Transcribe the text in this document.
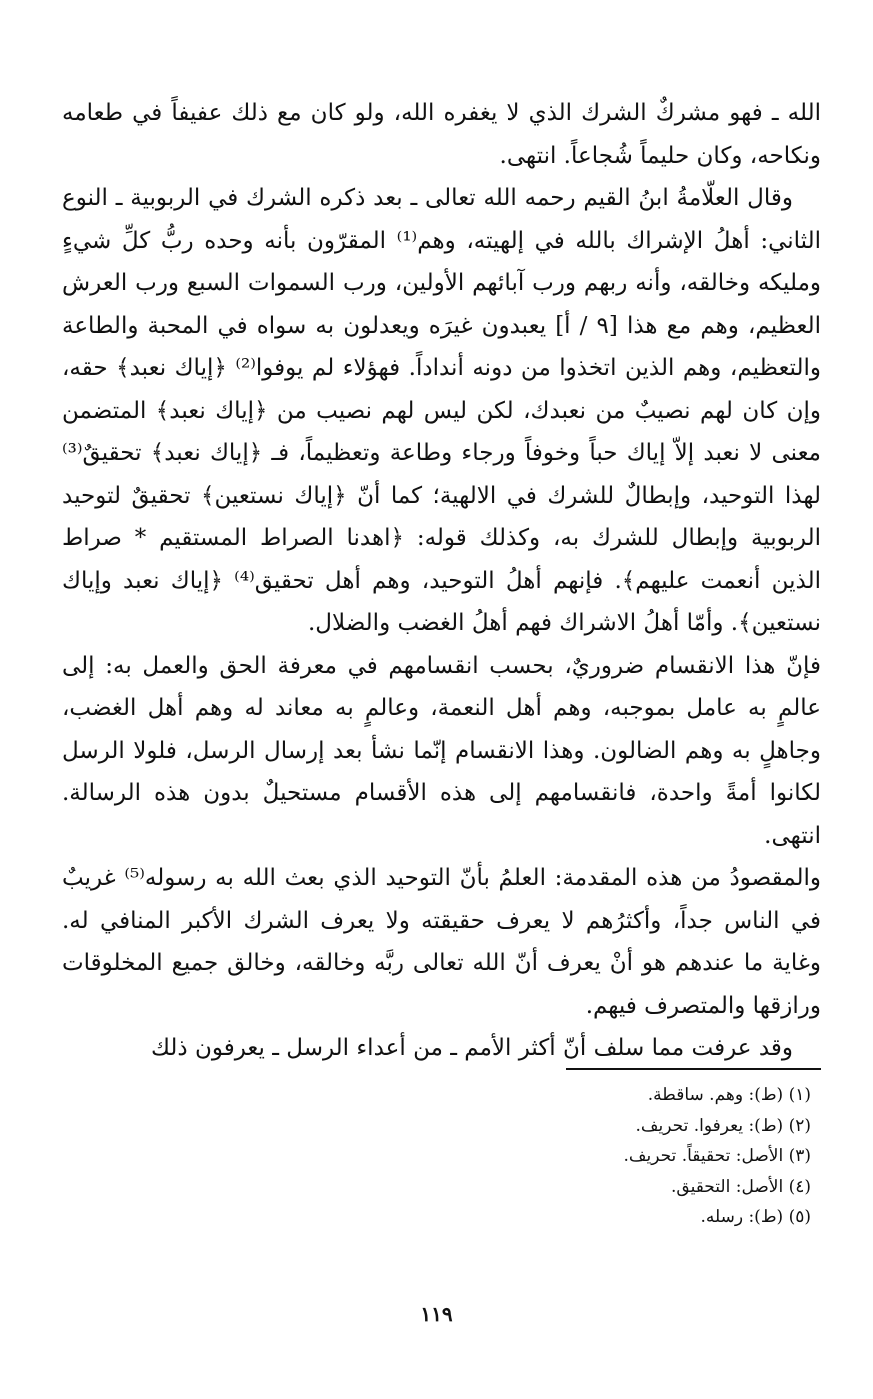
الله ـ فهو مشركٌ الشرك الذي لا يغفره الله، ولو كان مع ذلك عفيفاً في طعامه ونكاحه، وكان حليماً شُجاعاً. انتهى.

وقال العلّامةُ ابنُ القيم رحمه الله تعالى ـ بعد ذكره الشرك في الربوبية ـ النوع الثاني: أهلُ الإشراك بالله في إلهيته، وهم⁽¹⁾ المقرّون بأنه وحده ربُّ كلِّ شيءٍ ومليكه وخالقه، وأنه ربهم ورب آبائهم الأولين، ورب السموات السبع ورب العرش العظيم، وهم مع هذا [٩ / أ] يعبدون غيرَه ويعدلون به سواه في المحبة والطاعة والتعظيم، وهم الذين اتخذوا من دونه أنداداً. فهؤلاء لم يوفوا⁽²⁾ ﴿إياك نعبد﴾ حقه، وإن كان لهم نصيبٌ من نعبدك، لكن ليس لهم نصيب من ﴿إياك نعبد﴾ المتضمن معنى لا نعبد إلاّ إياك حباً وخوفاً ورجاء وطاعة وتعظيماً، فـ ﴿إياك نعبد﴾ تحقيقٌ⁽³⁾ لهذا التوحيد، وإبطالٌ للشرك في الالهية؛ كما أنّ ﴿إياك نستعين﴾ تحقيقٌ لتوحيد الربوبية وإبطال للشرك به، وكذلك قوله: ﴿اهدنا الصراط المستقيم * صراط الذين أنعمت عليهم﴾. فإنهم أهلُ التوحيد، وهم أهل تحقيق⁽⁴⁾ ﴿إياك نعبد وإياك نستعين﴾. وأمّا أهلُ الاشراك فهم أهلُ الغضب والضلال.

فإنّ هذا الانقسام ضروريٌ، بحسب انقسامهم في معرفة الحق والعمل به: إلى عالمٍ به عامل بموجبه، وهم أهل النعمة، وعالمٍ به معاند له وهم أهل الغضب، وجاهلٍ به وهم الضالون. وهذا الانقسام إنّما نشأ بعد إرسال الرسل، فلولا الرسل لكانوا أمةً واحدة، فانقسامهم إلى هذه الأقسام مستحيلٌ بدون هذه الرسالة. انتهى.

والمقصودُ من هذه المقدمة: العلمُ بأنّ التوحيد الذي بعث الله به رسوله⁽⁵⁾ غريبٌ في الناس جداً، وأكثرُهم لا يعرف حقيقته ولا يعرف الشرك الأكبر المنافي له. وغاية ما عندهم هو أنْ يعرف أنّ الله تعالى ربَّه وخالقه، وخالق جميع المخلوقات ورازقها والمتصرف فيهم.

وقد عرفت مما سلف أنّ أكثر الأمم ـ من أعداء الرسل ـ يعرفون ذلك

(١) (ط): وهم. ساقطة.

(٢) (ط): يعرفوا. تحريف.

(٣) الأصل: تحقيقاً. تحريف.

(٤) الأصل: التحقيق.

(٥) (ط): رسله.

١١٩
